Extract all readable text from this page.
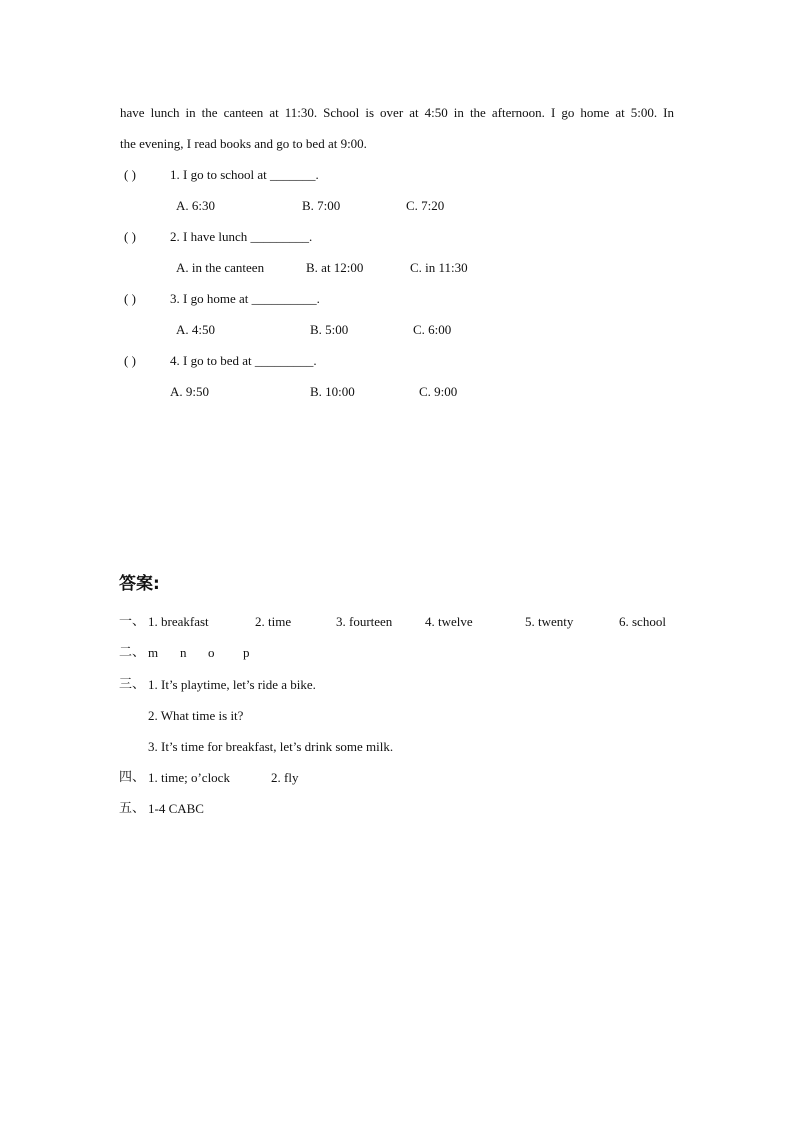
have lunch in the canteen at 11:30. School is over at 4:50 in the afternoon. I go home at 5:00. In
the evening, I read books and go to bed at 9:00.
( )	1. I go to school at _______.
A. 6:30	B. 7:00	C. 7:20
( )	2. I have lunch _________.
A. in the canteen	B. at 12:00	C. in 11:30
( )	3. I go home at __________.
A. 4:50	B. 5:00	C. 6:00
( )	4. I go to bed at _________.
A. 9:50	B. 10:00	C. 9:00
答案:
一、 1. breakfast	2. time	3. fourteen	4. twelve	5. twenty	6. school
二、 m n o p
三、 1. It’s playtime, let’s ride a bike.
2. What time is it?
3. It’s time for breakfast, let’s drink some milk.
四、 1. time; o’clock	2. fly
五、 1-4 CABC
